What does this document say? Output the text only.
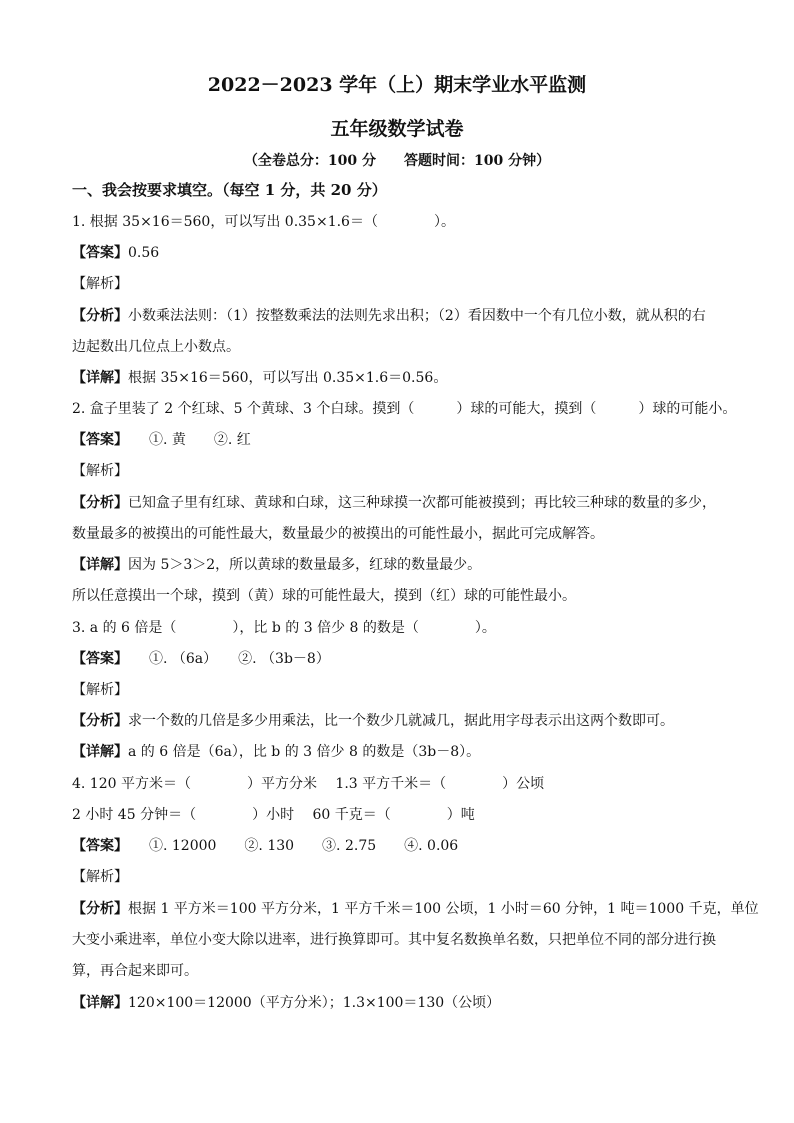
2022－2023 学年（上）期末学业水平监测
五年级数学试卷
（全卷总分：100 分　　答题时间：100 分钟）
一、我会按要求填空。（每空 1 分，共 20 分）
1. 根据 35×16＝560，可以写出 0.35×1.6＝（　　　　）。
【答案】0.56
【解析】
【分析】小数乘法法则：（1）按整数乘法的法则先求出积；（2）看因数中一个有几位小数，就从积的右
边起数出几位点上小数点。
【详解】根据 35×16＝560，可以写出 0.35×1.6＝0.56。
2. 盒子里装了 2 个红球、5 个黄球、3 个白球。摸到（　　　）球的可能大，摸到（　　　）球的可能小。
【答案】　　①. 黄　　②. 红
【解析】
【分析】已知盒子里有红球、黄球和白球，这三种球摸一次都可能被摸到；再比较三种球的数量的多少，
数量最多的被摸出的可能性最大，数量最少的被摸出的可能性最小，据此可完成解答。
【详解】因为 5＞3＞2，所以黄球的数量最多，红球的数量最少。
所以任意摸出一个球，摸到（黄）球的可能性最大，摸到（红）球的可能性最小。
3. a 的 6 倍是（　　　　），比 b 的 3 倍少 8 的数是（　　　　）。
【答案】　　①. （6a）　　②. （3b－8）
【解析】
【分析】求一个数的几倍是多少用乘法，比一个数少几就减几，据此用字母表示出这两个数即可。
【详解】a 的 6 倍是（6a），比 b 的 3 倍少 8 的数是（3b－8）。
4. 120 平方米＝（　　　　）平方分米　 1.3 平方千米＝（　　　　）公顷
2 小时 45 分钟＝（　　　　）小时　 60 千克＝（　　　　）吨
【答案】　　①. 12000　　②. 130　　③. 2.75　　④. 0.06
【解析】
【分析】根据 1 平方米＝100 平方分米，1 平方千米＝100 公顷，1 小时＝60 分钟，1 吨＝1000 千克，单位
大变小乘进率，单位小变大除以进率，进行换算即可。其中复名数换单名数，只把单位不同的部分进行换
算，再合起来即可。
【详解】120×100＝12000（平方分米）；1.3×100＝130（公顷）
